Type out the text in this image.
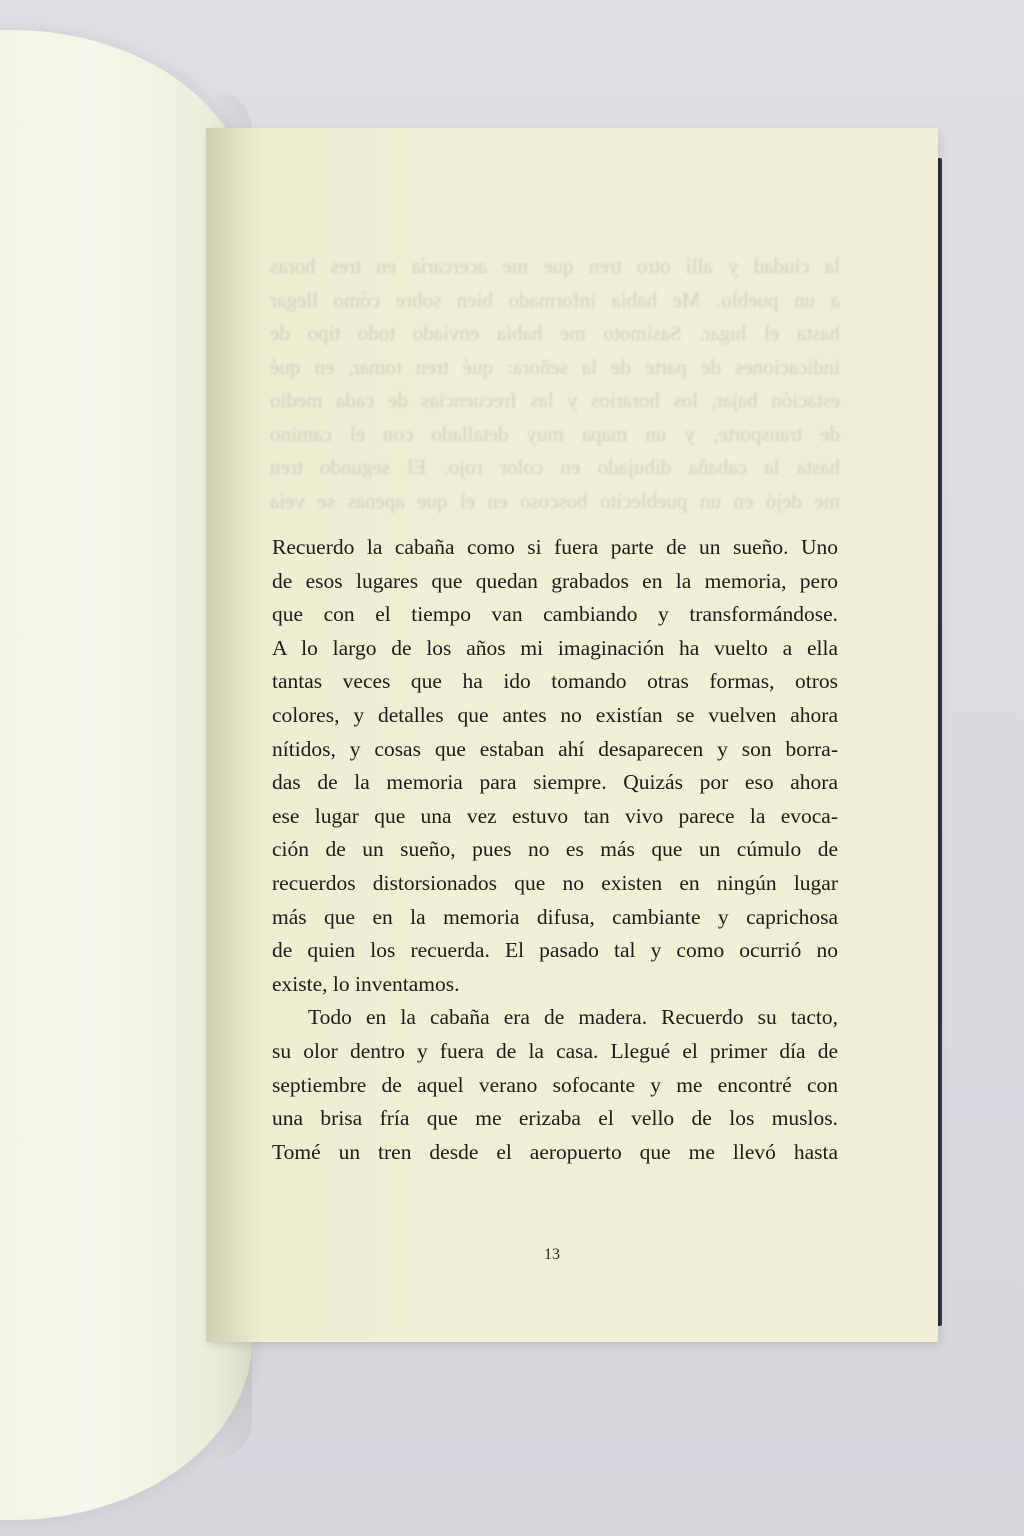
la ciudad y allí otro tren que me acercaría en tres horas

a un pueblo. Me había informado bien sobre cómo llegar

hasta el lugar. Sasimoto me había enviado todo tipo de

indicaciones de parte de la señora: qué tren tomar, en qué

estación bajar, los horarios y las frecuencias de cada medio

de transporte, y un mapa muy detallado con el camino

hasta la cabaña dibujado en color rojo. El segundo tren

me dejó en un pueblecito boscoso en el que apenas se veía

Recuerdo la cabaña como si fuera parte de un sueño. Uno
de esos lugares que quedan grabados en la memoria, pero
que con el tiempo van cambiando y transformándose.
A lo largo de los años mi imaginación ha vuelto a ella
tantas veces que ha ido tomando otras formas, otros
colores, y detalles que antes no existían se vuelven ahora
nítidos, y cosas que estaban ahí desaparecen y son borra-
das de la memoria para siempre. Quizás por eso ahora
ese lugar que una vez estuvo tan vivo parece la evoca-
ción de un sueño, pues no es más que un cúmulo de
recuerdos distorsionados que no existen en ningún lugar
más que en la memoria difusa, cambiante y caprichosa
de quien los recuerda. El pasado tal y como ocurrió no
existe, lo inventamos.
Todo en la cabaña era de madera. Recuerdo su tacto,
su olor dentro y fuera de la casa. Llegué el primer día de
septiembre de aquel verano sofocante y me encontré con
una brisa fría que me erizaba el vello de los muslos.
Tomé un tren desde el aeropuerto que me llevó hasta
13
